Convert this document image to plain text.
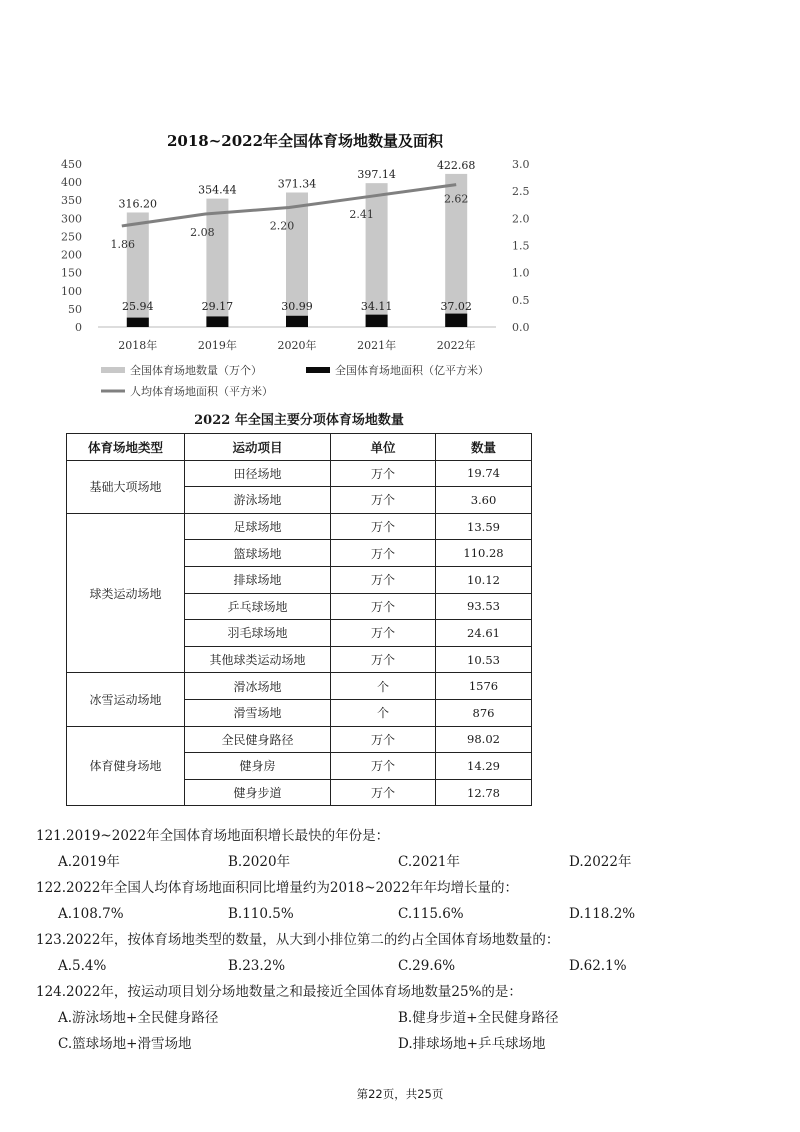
2018~2022年全国体育场地数量及面积
0
50
100
150
200
250
300
350
400
450
0.0
0.5
1.0
1.5
2.0
2.5
3.0
25.94
316.20
1.86
2018年
29.17
354.44
2.08
2019年
30.99
371.34
2.20
2020年
34.11
397.14
2.41
2021年
37.02
422.68
2.62
2022年
全国体育场地数量（万个）	全国体育场地面积（亿平方米）
人均体育场地面积（平方米）
2022 年全国主要分项体育场地数量
体育场地类型	运动项目	单位	数量
基础大项场地	田径场地	万个	19.74
	游泳场地	万个	3.60
球类运动场地	足球场地	万个	13.59
	篮球场地	万个	110.28
	排球场地	万个	10.12
	乒乓球场地	万个	93.53
	羽毛球场地	万个	24.61
	其他球类运动场地	万个	10.53
冰雪运动场地	滑冰场地	个	1576
	滑雪场地	个	876
体育健身场地	全民健身路径	万个	98.02
	健身房	万个	14.29
	健身步道	万个	12.78
121.2019~2022年全国体育场地面积增长最快的年份是：
A.2019年	B.2020年	C.2021年	D.2022年
122.2022年全国人均体育场地面积同比增量约为2018~2022年年均增长量的：
A.108.7%	B.110.5%	C.115.6%	D.118.2%
123.2022年，按体育场地类型的数量，从大到小排位第二的约占全国体育场地数量的：
A.5.4%	B.23.2%	C.29.6%	D.62.1%
124.2022年，按运动项目划分场地数量之和最接近全国体育场地数量25%的是：
A.游泳场地+全民健身路径	B.健身步道+全民健身路径
C.篮球场地+滑雪场地	D.排球场地+乒乓球场地
第22页，共25页
